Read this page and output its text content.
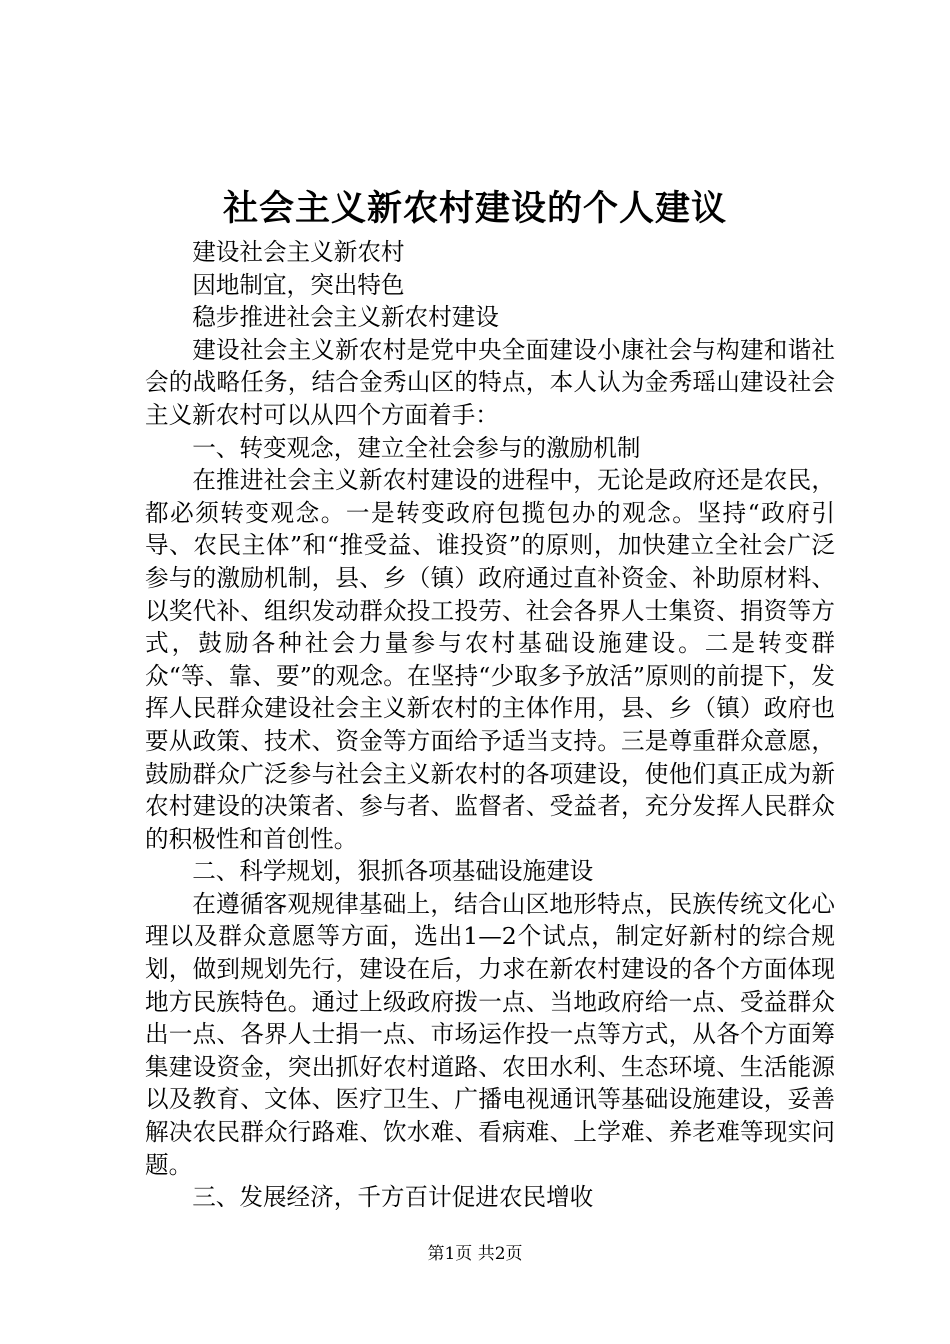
社会主义新农村建设的个人建议

建设社会主义新农村

因地制宜，突出特色

稳步推进社会主义新农村建设

建设社会主义新农村是党中央全面建设小康社会与构建和谐社会的战略任务，结合金秀山区的特点，本人认为金秀瑶山建设社会主义新农村可以从四个方面着手：

一、转变观念，建立全社会参与的激励机制

在推进社会主义新农村建设的进程中，无论是政府还是农民，都必须转变观念。一是转变政府包揽包办的观念。坚持“政府引导、农民主体”和“推受益、谁投资”的原则，加快建立全社会广泛参与的激励机制，县、乡（镇）政府通过直补资金、补助原材料、以奖代补、组织发动群众投工投劳、社会各界人士集资、捐资等方式，鼓励各种社会力量参与农村基础设施建设。二是转变群众“等、靠、要”的观念。在坚持“少取多予放活”原则的前提下，发挥人民群众建设社会主义新农村的主体作用，县、乡（镇）政府也要从政策、技术、资金等方面给予适当支持。三是尊重群众意愿，鼓励群众广泛参与社会主义新农村的各项建设，使他们真正成为新农村建设的决策者、参与者、监督者、受益者，充分发挥人民群众的积极性和首创性。

二、科学规划，狠抓各项基础设施建设

在遵循客观规律基础上，结合山区地形特点，民族传统文化心理以及群众意愿等方面，选出1—2个试点，制定好新村的综合规划，做到规划先行，建设在后，力求在新农村建设的各个方面体现地方民族特色。通过上级政府拨一点、当地政府给一点、受益群众出一点、各界人士捐一点、市场运作投一点等方式，从各个方面筹集建设资金，突出抓好农村道路、农田水利、生态环境、生活能源以及教育、文体、医疗卫生、广播电视通讯等基础设施建设，妥善解决农民群众行路难、饮水难、看病难、上学难、养老难等现实问题。

三、发展经济，千方百计促进农民增收

第1页 共2页
